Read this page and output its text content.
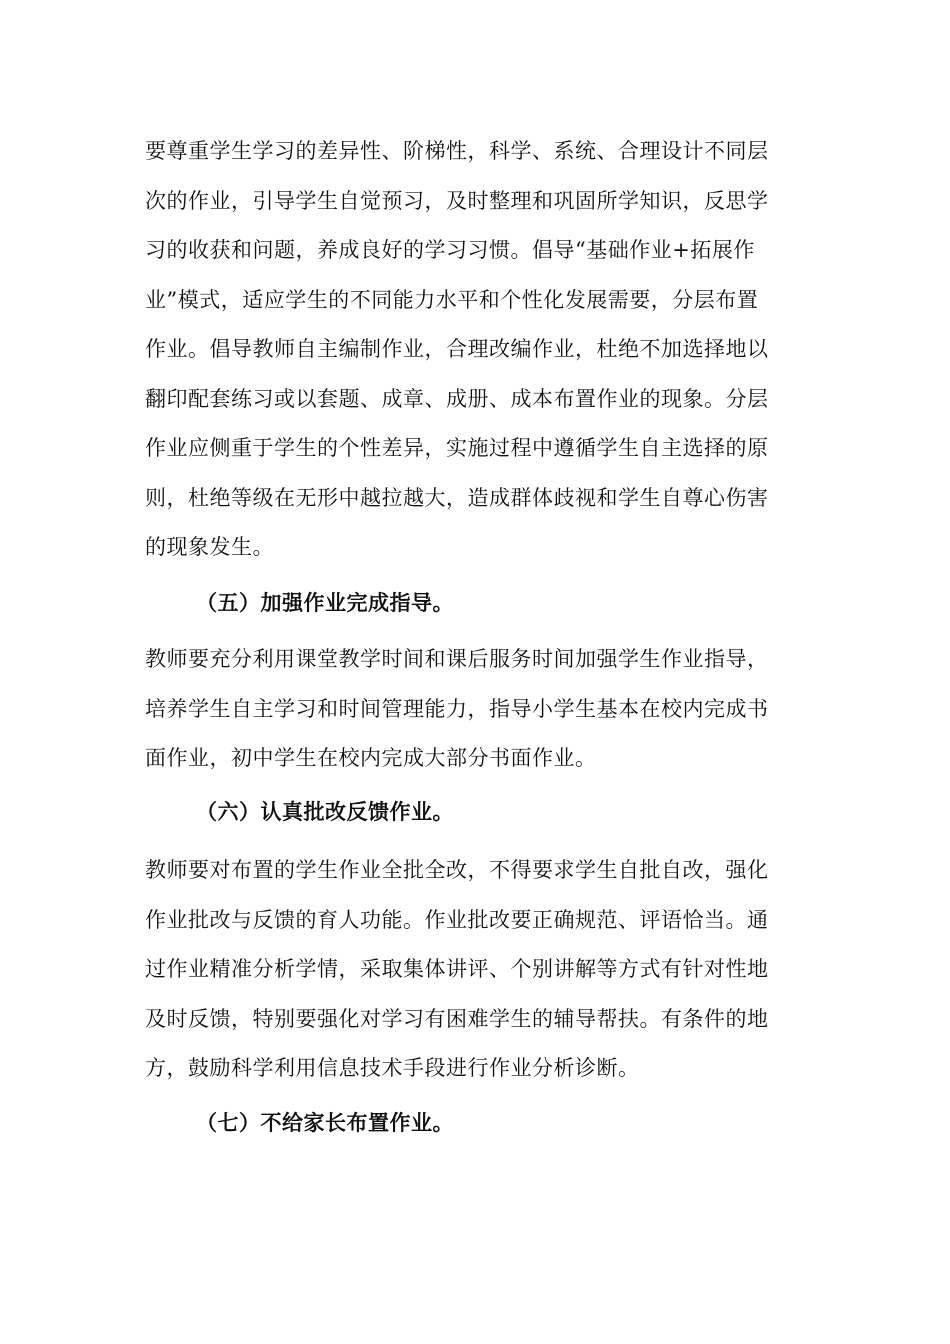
要尊重学生学习的差异性、阶梯性，科学、系统、合理设计不同层
次的作业，引导学生自觉预习，及时整理和巩固所学知识，反思学
习的收获和问题，养成良好的学习习惯。倡导“基础作业+拓展作
业”模式，适应学生的不同能力水平和个性化发展需要，分层布置
作业。倡导教师自主编制作业，合理改编作业，杜绝不加选择地以
翻印配套练习或以套题、成章、成册、成本布置作业的现象。分层
作业应侧重于学生的个性差异，实施过程中遵循学生自主选择的原
则，杜绝等级在无形中越拉越大，造成群体歧视和学生自尊心伤害
的现象发生。
（五）加强作业完成指导。
教师要充分利用课堂教学时间和课后服务时间加强学生作业指导，
培养学生自主学习和时间管理能力，指导小学生基本在校内完成书
面作业，初中学生在校内完成大部分书面作业。
（六）认真批改反馈作业。
教师要对布置的学生作业全批全改，不得要求学生自批自改，强化
作业批改与反馈的育人功能。作业批改要正确规范、评语恰当。通
过作业精准分析学情，采取集体讲评、个别讲解等方式有针对性地
及时反馈，特别要强化对学习有困难学生的辅导帮扶。有条件的地
方，鼓励科学利用信息技术手段进行作业分析诊断。
（七）不给家长布置作业。
